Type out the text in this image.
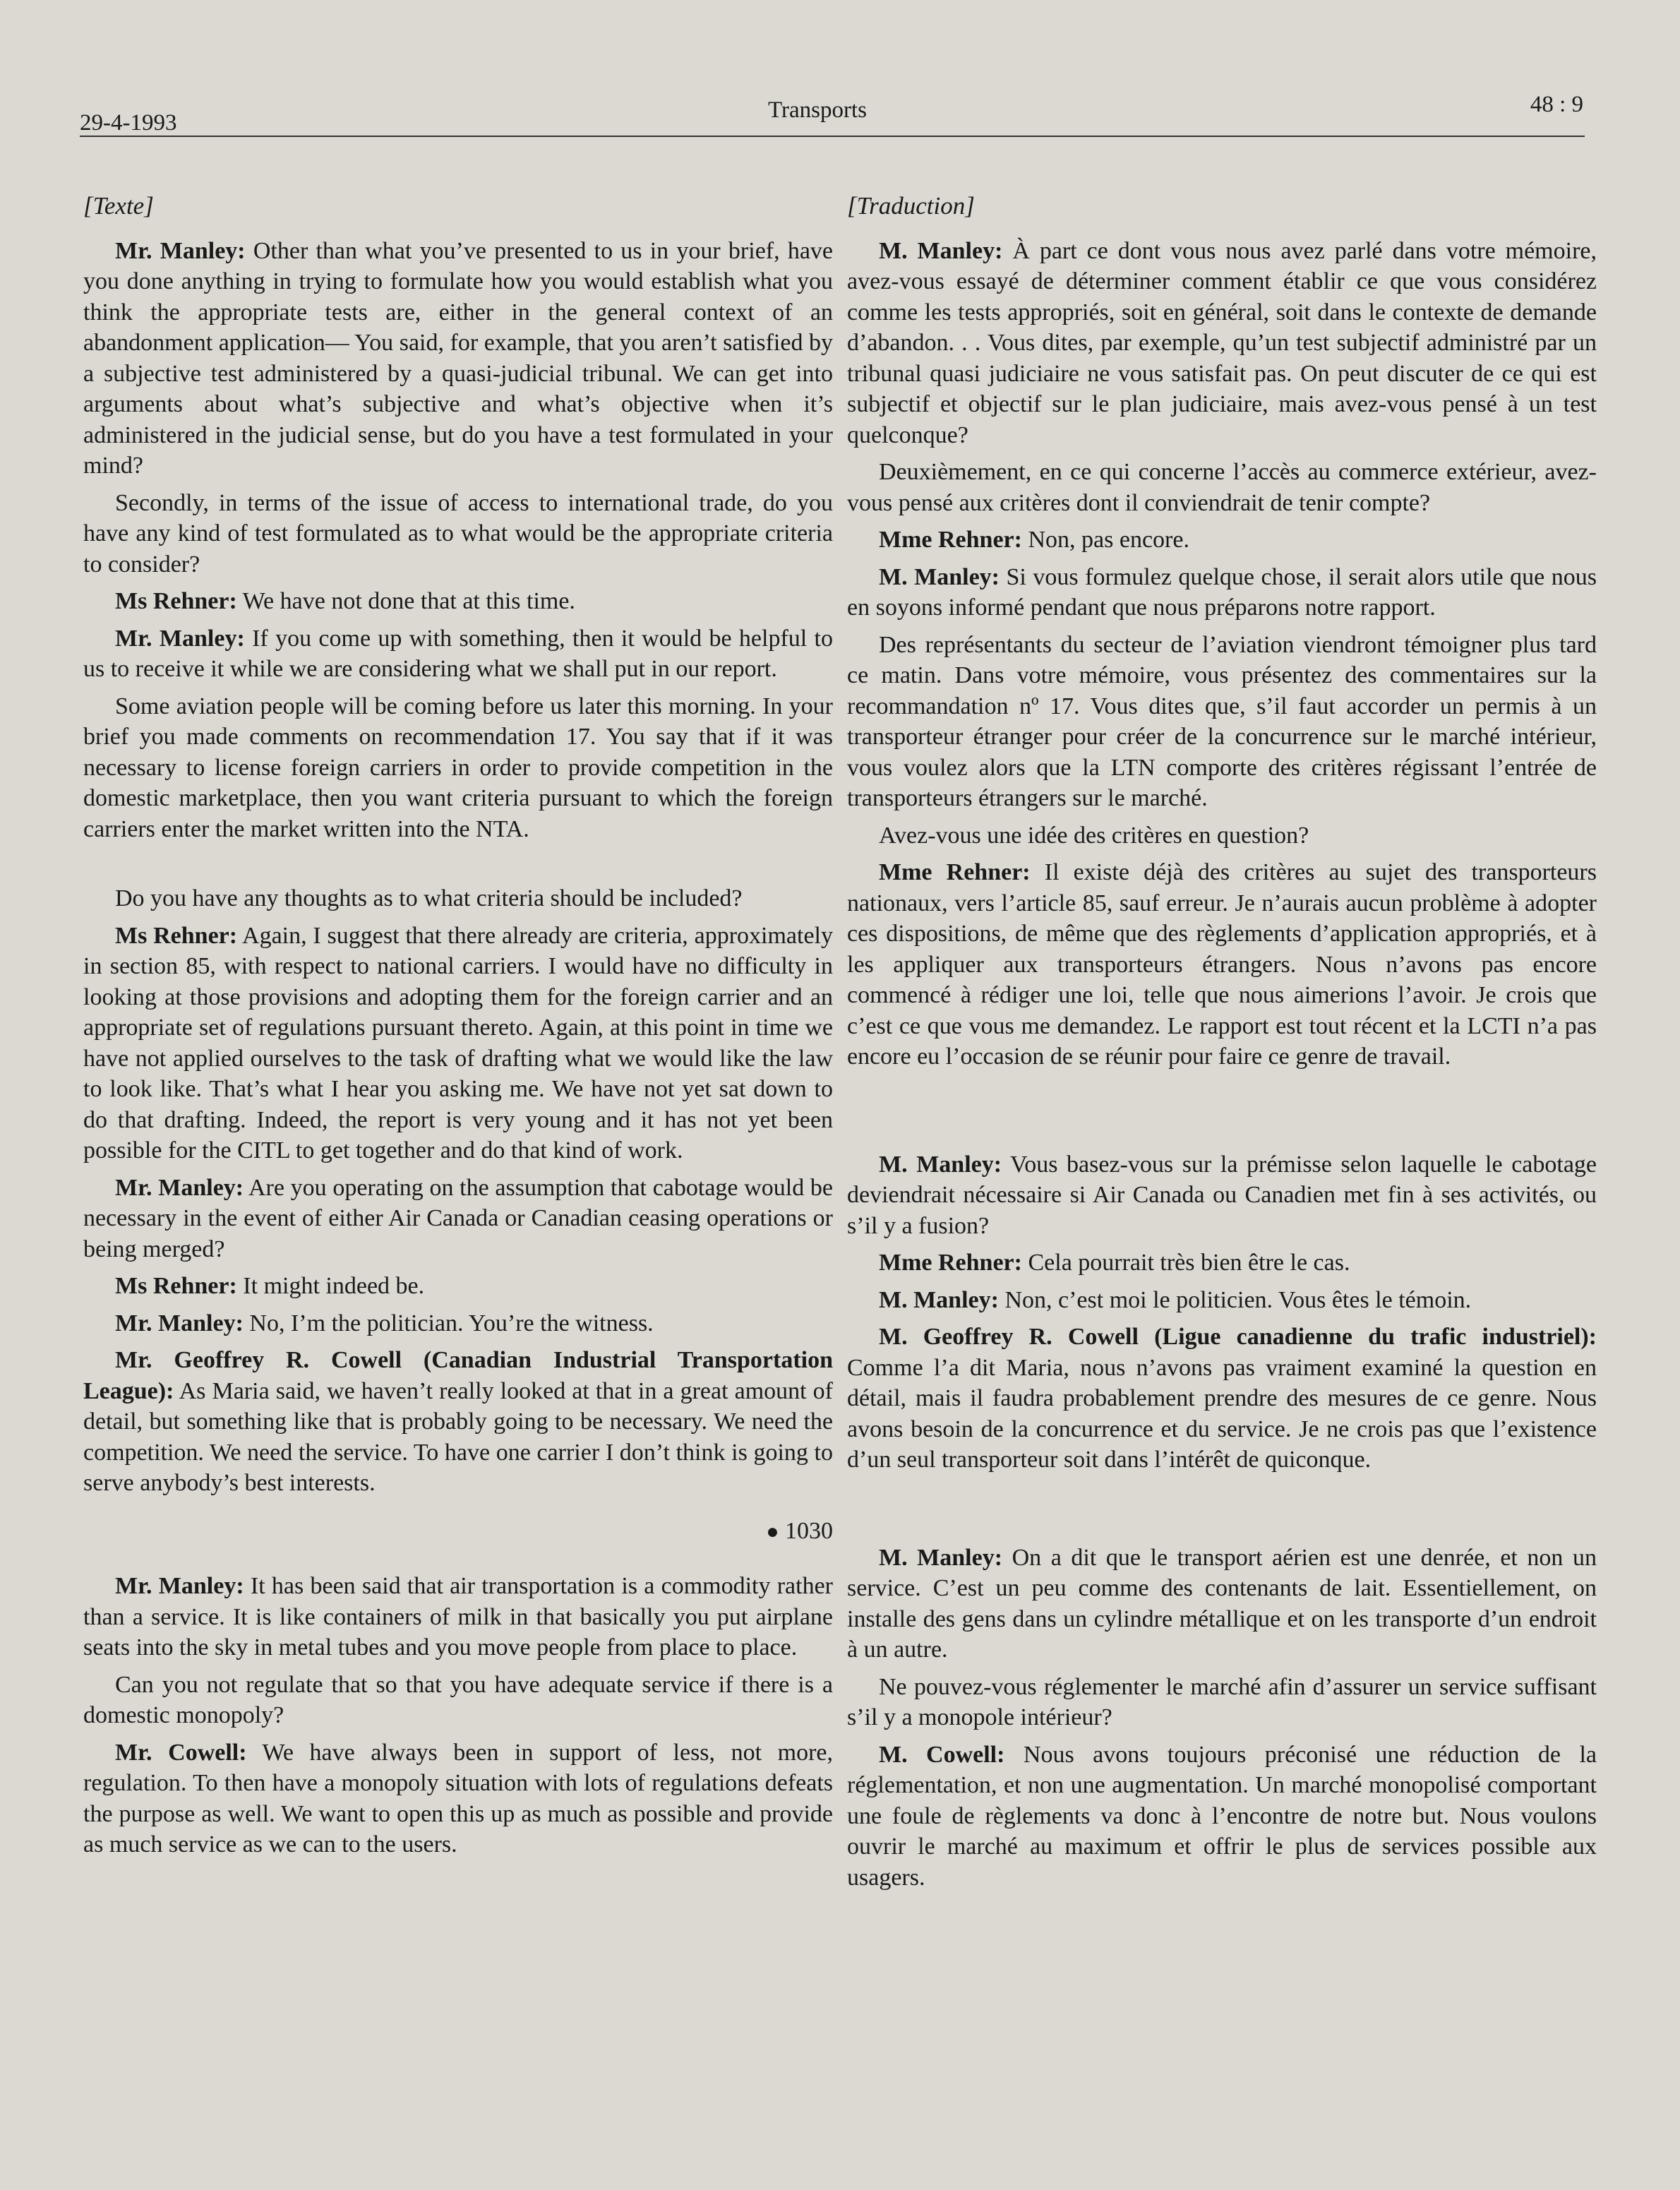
29-4-1993	Transports	48 : 9
[Texte]

Mr. Manley: Other than what you’ve presented to us in your brief, have you done anything in trying to formulate how you would establish what you think the appropriate tests are, either in the general context of an abandonment application— You said, for example, that you aren’t satisfied by a subjective test administered by a quasi-judicial tribunal. We can get into arguments about what’s subjective and what’s objective when it’s administered in the judicial sense, but do you have a test formulated in your mind?

Secondly, in terms of the issue of access to international trade, do you have any kind of test formulated as to what would be the appropriate criteria to consider?

Ms Rehner: We have not done that at this time.

Mr. Manley: If you come up with something, then it would be helpful to us to receive it while we are considering what we shall put in our report.

Some aviation people will be coming before us later this morning. In your brief you made comments on recommendation 17. You say that if it was necessary to license foreign carriers in order to provide competition in the domestic marketplace, then you want criteria pursuant to which the foreign carriers enter the market written into the NTA.

Do you have any thoughts as to what criteria should be included?

Ms Rehner: Again, I suggest that there already are criteria, approximately in section 85, with respect to national carriers. I would have no difficulty in looking at those provisions and adopting them for the foreign carrier and an appropriate set of regulations pursuant thereto. Again, at this point in time we have not applied ourselves to the task of drafting what we would like the law to look like. That’s what I hear you asking me. We have not yet sat down to do that drafting. Indeed, the report is very young and it has not yet been possible for the CITL to get together and do that kind of work.

Mr. Manley: Are you operating on the assumption that cabotage would be necessary in the event of either Air Canada or Canadian ceasing operations or being merged?

Ms Rehner: It might indeed be.

Mr. Manley: No, I’m the politician. You’re the witness.

Mr. Geoffrey R. Cowell (Canadian Industrial Transportation League): As Maria said, we haven’t really looked at that in a great amount of detail, but something like that is probably going to be necessary. We need the competition. We need the service. To have one carrier I don’t think is going to serve anybody’s best interests.

● 1030

Mr. Manley: It has been said that air transportation is a commodity rather than a service. It is like containers of milk in that basically you put airplane seats into the sky in metal tubes and you move people from place to place.

Can you not regulate that so that you have adequate service if there is a domestic monopoly?

Mr. Cowell: We have always been in support of less, not more, regulation. To then have a monopoly situation with lots of regulations defeats the purpose as well. We want to open this up as much as possible and provide as much service as we can to the users.

[Traduction]

M. Manley: À part ce dont vous nous avez parlé dans votre mémoire, avez-vous essayé de déterminer comment établir ce que vous considérez comme les tests appropriés, soit en général, soit dans le contexte de demande d’abandon. . . Vous dites, par exemple, qu’un test subjectif administré par un tribunal quasi judiciaire ne vous satisfait pas. On peut discuter de ce qui est subjectif et objectif sur le plan judiciaire, mais avez-vous pensé à un test quelconque?

Deuxièmement, en ce qui concerne l’accès au commerce extérieur, avez-vous pensé aux critères dont il conviendrait de tenir compte?

Mme Rehner: Non, pas encore.

M. Manley: Si vous formulez quelque chose, il serait alors utile que nous en soyons informé pendant que nous préparons notre rapport.

Des représentants du secteur de l’aviation viendront témoigner plus tard ce matin. Dans votre mémoire, vous présentez des commentaires sur la recommandation nº 17. Vous dites que, s’il faut accorder un permis à un transporteur étranger pour créer de la concurrence sur le marché intérieur, vous voulez alors que la LTN comporte des critères régissant l’entrée de transporteurs étrangers sur le marché.

Avez-vous une idée des critères en question?

Mme Rehner: Il existe déjà des critères au sujet des transporteurs nationaux, vers l’article 85, sauf erreur. Je n’aurais aucun problème à adopter ces dispositions, de même que des règlements d’application appropriés, et à les appliquer aux transporteurs étrangers. Nous n’avons pas encore commencé à rédiger une loi, telle que nous aimerions l’avoir. Je crois que c’est ce que vous me demandez. Le rapport est tout récent et la LCTI n’a pas encore eu l’occasion de se réunir pour faire ce genre de travail.

M. Manley: Vous basez-vous sur la prémisse selon laquelle le cabotage deviendrait nécessaire si Air Canada ou Canadien met fin à ses activités, ou s’il y a fusion?

Mme Rehner: Cela pourrait très bien être le cas.

M. Manley: Non, c’est moi le politicien. Vous êtes le témoin.

M. Geoffrey R. Cowell (Ligue canadienne du trafic industriel): Comme l’a dit Maria, nous n’avons pas vraiment examiné la question en détail, mais il faudra probablement prendre des mesures de ce genre. Nous avons besoin de la concurrence et du service. Je ne crois pas que l’existence d’un seul transporteur soit dans l’intérêt de quiconque.

M. Manley: On a dit que le transport aérien est une denrée, et non un service. C’est un peu comme des contenants de lait. Essentiellement, on installe des gens dans un cylindre métallique et on les transporte d’un endroit à un autre.

Ne pouvez-vous réglementer le marché afin d’assurer un service suffisant s’il y a monopole intérieur?

M. Cowell: Nous avons toujours préconisé une réduction de la réglementation, et non une augmentation. Un marché monopolisé comportant une foule de règlements va donc à l’encontre de notre but. Nous voulons ouvrir le marché au maximum et offrir le plus de services possible aux usagers.
